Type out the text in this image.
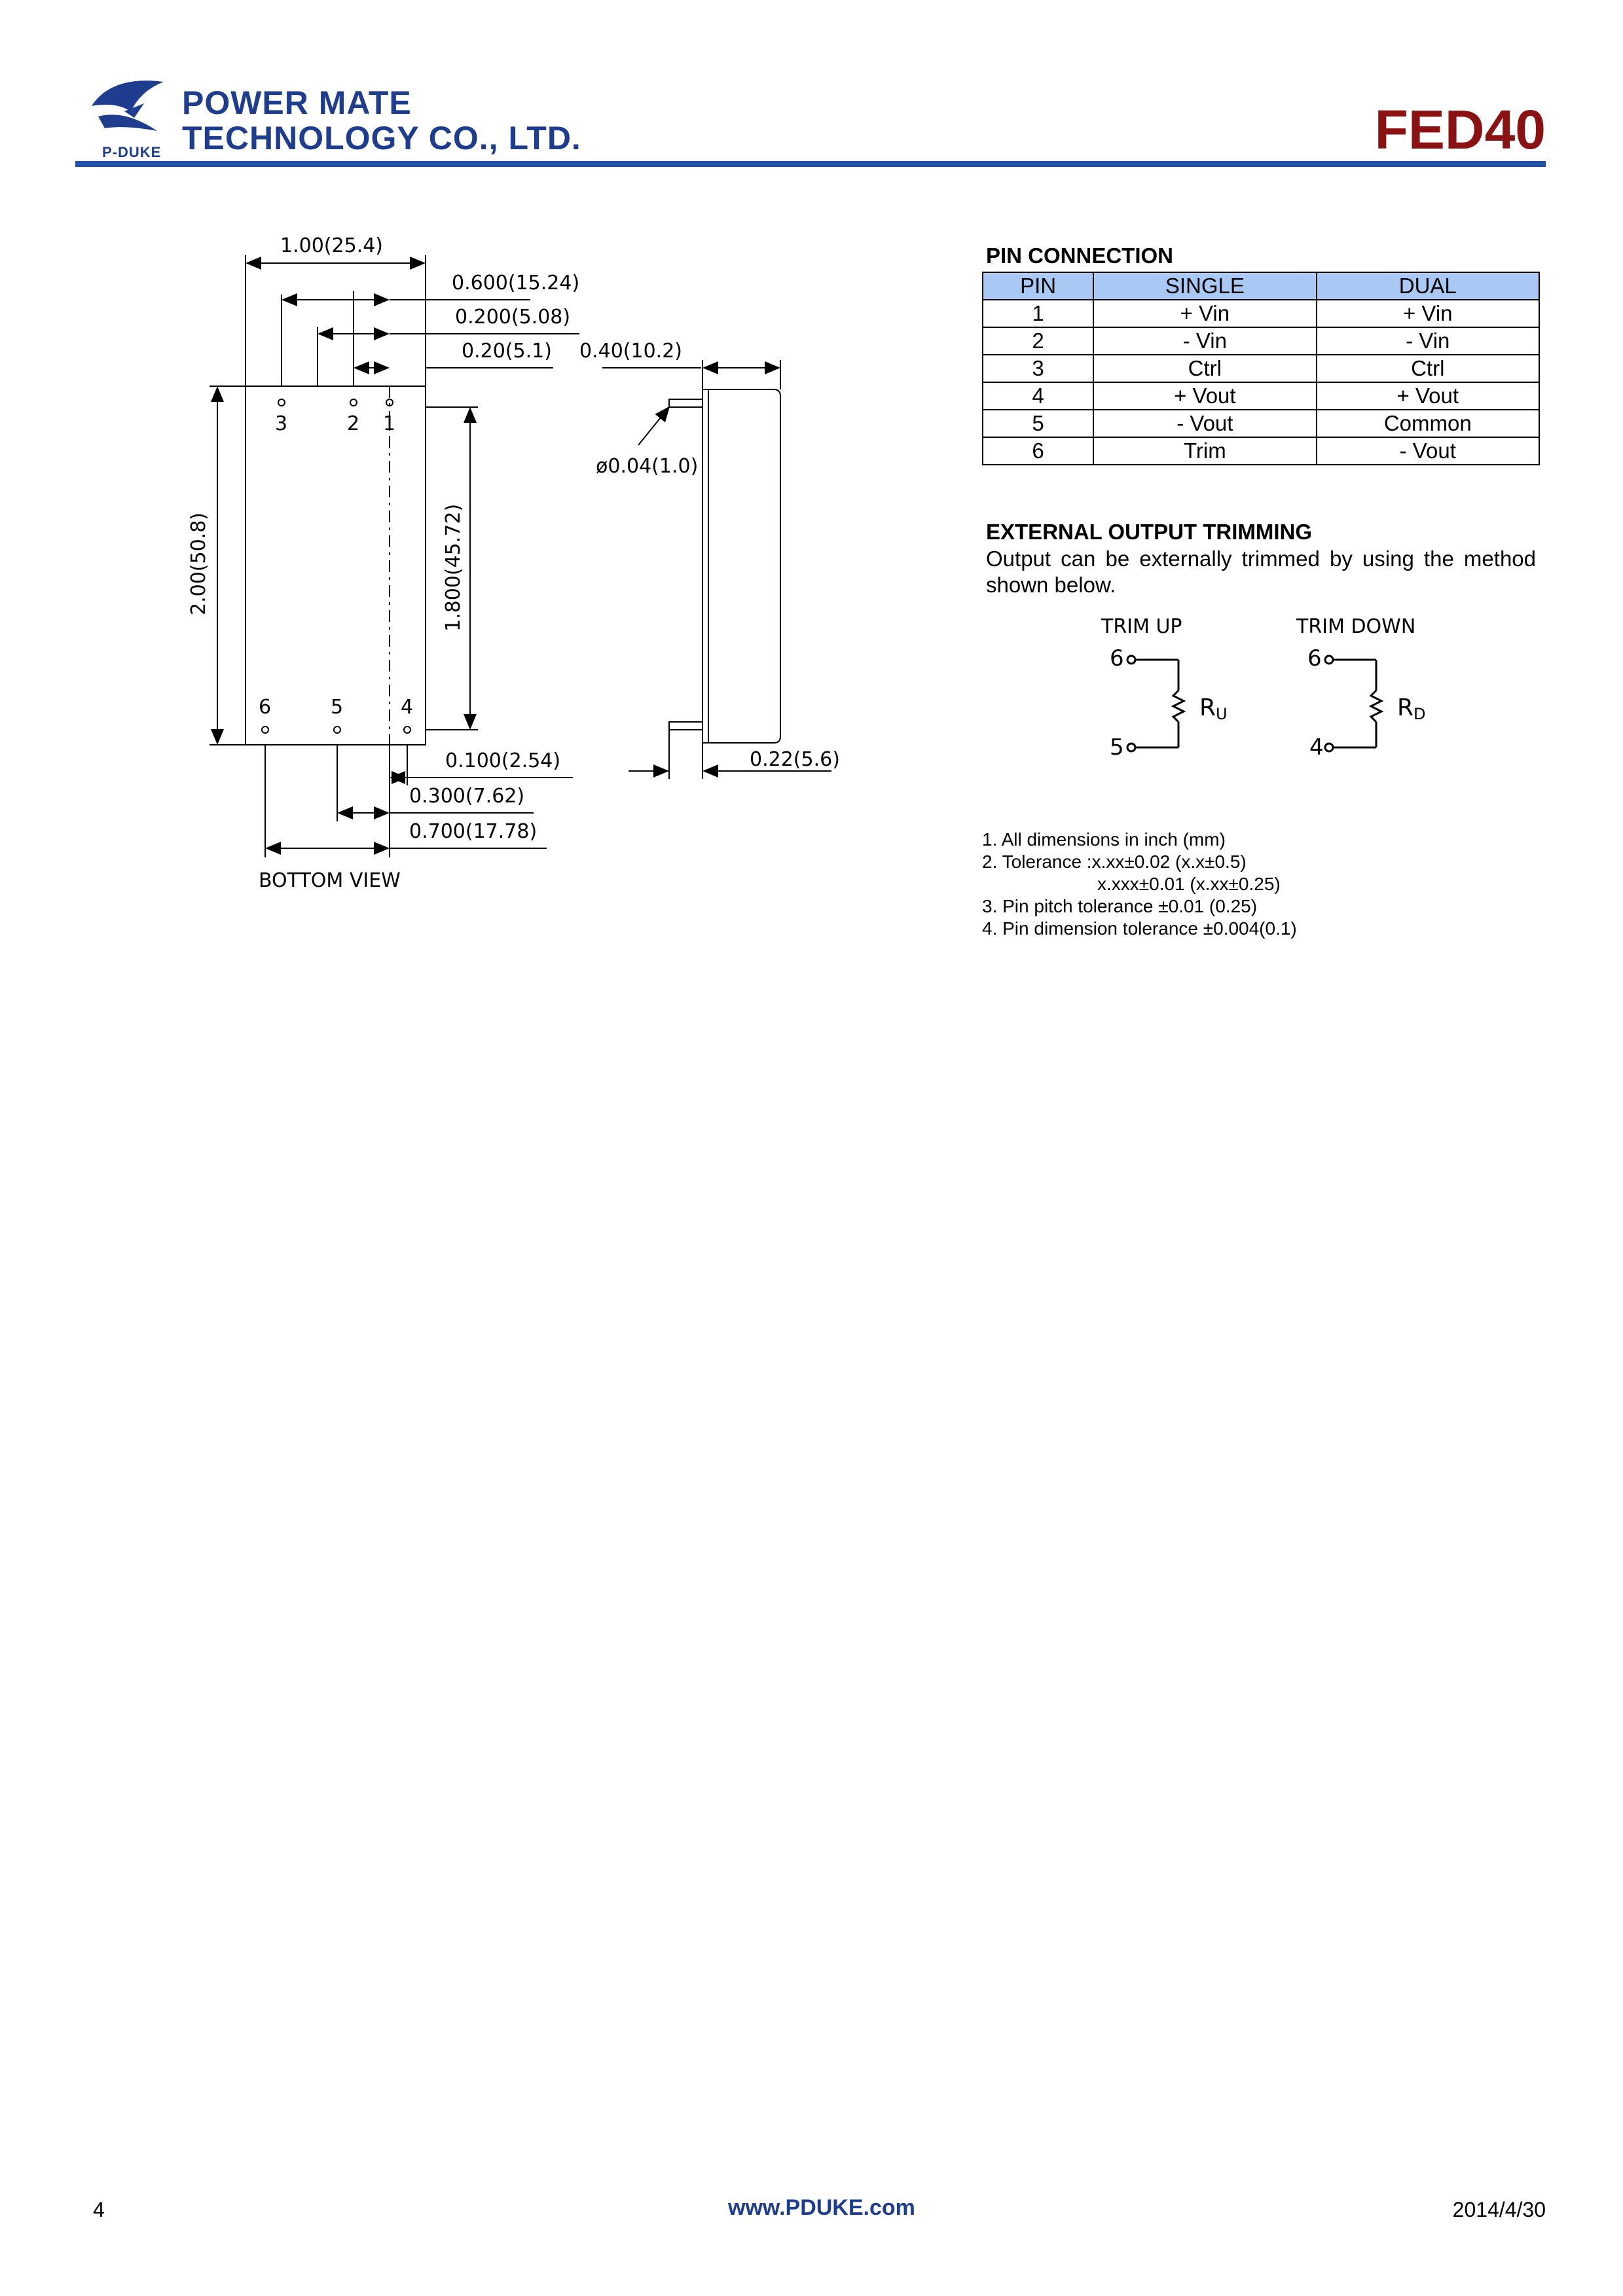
POWER MATE
TECHNOLOGY CO., LTD.
P-DUKE	FED40
1.00(25.4)
0.600(15.24)
0.200(5.08)
0.20(5.1) 0.40(10.2)
ø0.04(1.0)
0.22(5.6)
0.100(2.54)
0.300(7.62)
0.700(17.78)
BOTTOM VIEW
2.00(50.8)	1.800(45.72)
3	2 1
6	5	4
PIN CONNECTION
PIN	SINGLE	DUAL
1	+ Vin	+ Vin
2	- Vin	- Vin
3	Ctrl	Ctrl
4	+ Vout	+ Vout
5	- Vout	Common
6	Trim	- Vout
EXTERNAL OUTPUT TRIMMING
Output can be externally trimmed by using the method shown below.
TRIM UP	TRIM DOWN
6
5
6
4
RU	RD
1. All dimensions in inch (mm)
2. Tolerance :x.xx±0.02 (x.x±0.5)
x.xxx±0.01 (x.xx±0.25)
3. Pin pitch tolerance ±0.01 (0.25)
4. Pin dimension tolerance ±0.004(0.1)
4	www.PDUKE.com	2014/4/30
